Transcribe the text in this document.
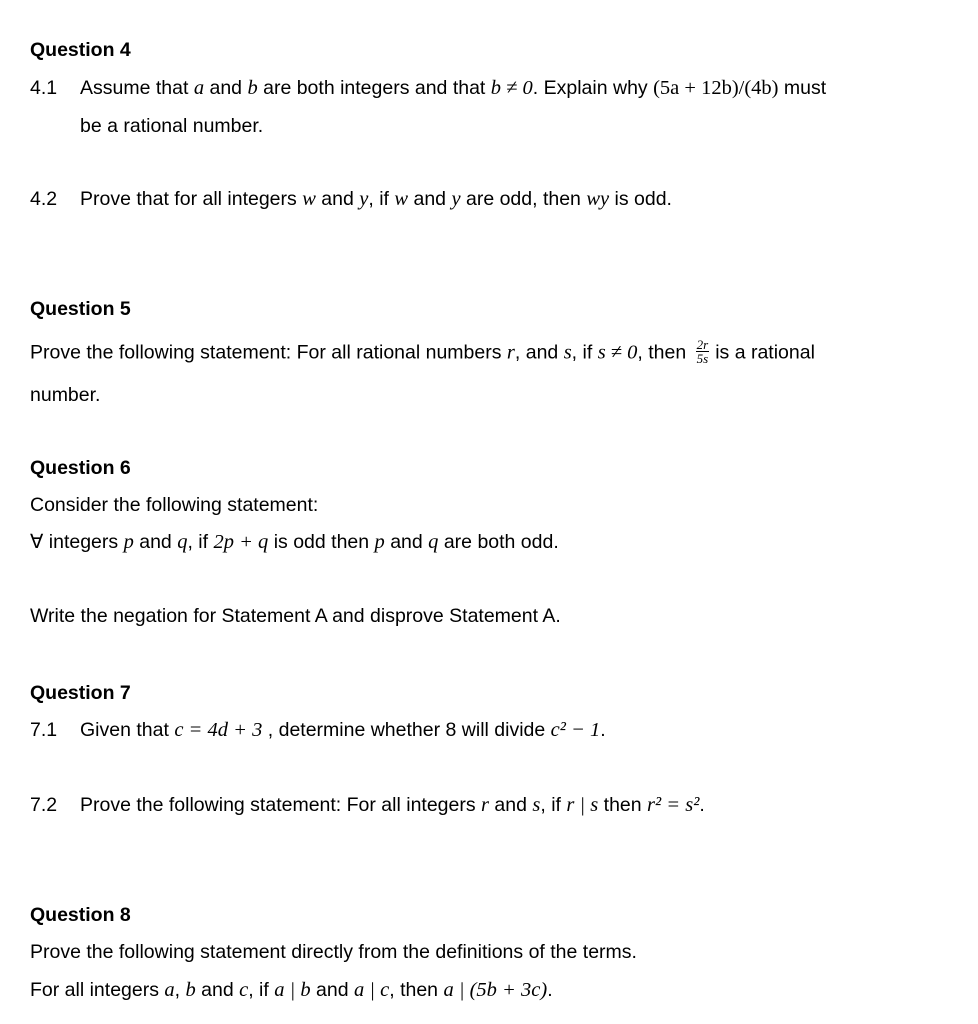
Question 4
4.1 Assume that a and b are both integers and that b ≠ 0. Explain why (5a + 12b)/(4b) must
be a rational number.
4.2 Prove that for all integers w and y, if w and y are odd, then wy is odd.
Question 5
Prove the following statement: For all rational numbers r, and s, if s ≠ 0, then $\frac{2r}{5s}$ is a rational
number.
Question 6
Consider the following statement:
∀ integers p and q, if 2p + q is odd then p and q are both odd.
Write the negation for Statement A and disprove Statement A.
Question 7
7.1 Given that c = 4d + 3 , determine whether 8 will divide c² − 1.
7.2 Prove the following statement: For all integers r and s, if r | s then r² = s².
Question 8
Prove the following statement directly from the definitions of the terms.
For all integers a, b and c, if a | b and a | c, then a | (5b + 3c).
